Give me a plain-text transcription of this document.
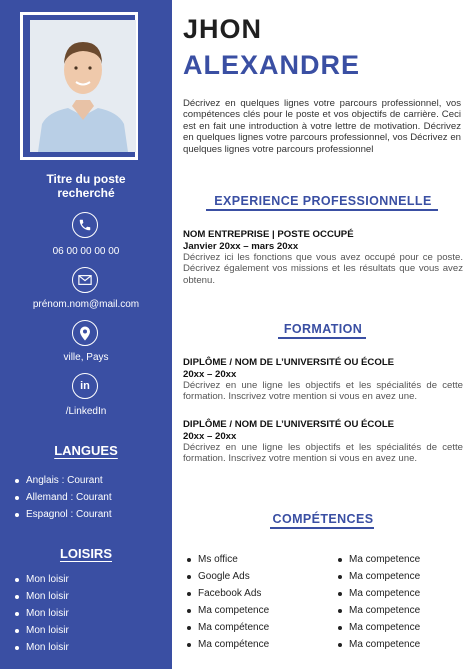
Titre du poste
recherché
06 00 00 00 00
prénom.nom@mail.com
ville, Pays
in
/LinkedIn
LANGUES
Anglais : Courant
Allemand : Courant
Espagnol : Courant
LOISIRS
Mon loisir
Mon loisir
Mon loisir
Mon loisir
Mon loisir
JHON
ALEXANDRE
Décrivez en quelques lignes votre parcours professionnel, vos compétences clés pour le poste et vos objectifs de carrière. Ceci est en fait une introduction à votre lettre de motivation. Décrivez en quelques lignes votre parcours professionnel, vos Décrivez en quelques lignes votre parcours professionnel
EXPERIENCE PROFESSIONNELLE
NOM ENTREPRISE | POSTE OCCUPÉ
Janvier 20xx – mars 20xx
Décrivez ici les fonctions que vous avez occupé pour ce poste. Décrivez également vos missions et les résultats que vous avez obtenu.
FORMATION
DIPLÔME / NOM DE L’UNIVERSITÉ OU ÉCOLE
20xx – 20xx
Décrivez en une ligne les objectifs et les spécialités de cette formation. Inscrivez votre mention si vous en avez une.
DIPLÔME / NOM DE L’UNIVERSITÉ OU ÉCOLE
20xx – 20xx
Décrivez en une ligne les objectifs et les spécialités de cette formation. Inscrivez votre mention si vous en avez une.
COMPÉTENCES
Ms office
Google Ads
Facebook Ads
Ma competence
Ma compétence
Ma compétence
Ma competence
Ma competence
Ma competence
Ma competence
Ma competence
Ma competence
